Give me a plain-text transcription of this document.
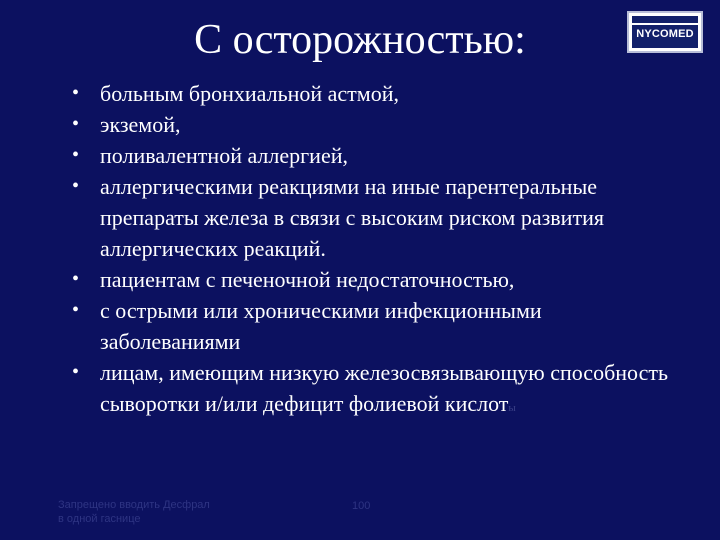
С осторожностью:	NYCOMED
• больным бронхиальной астмой,
• экземой,
• поливалентной аллергией,
• аллергическими реакциями на иные парентеральные препараты железа в связи с высоким риском развития аллергических реакций.
• пациентам с печеночной недостаточностью,
• с острыми или хроническими инфекционными заболеваниями
• лицам, имеющим низкую железосвязывающую способность сыворотки и/или дефицит фолиевой кислоты
Запрещено вводить Десфрал в одной гаснице
100
